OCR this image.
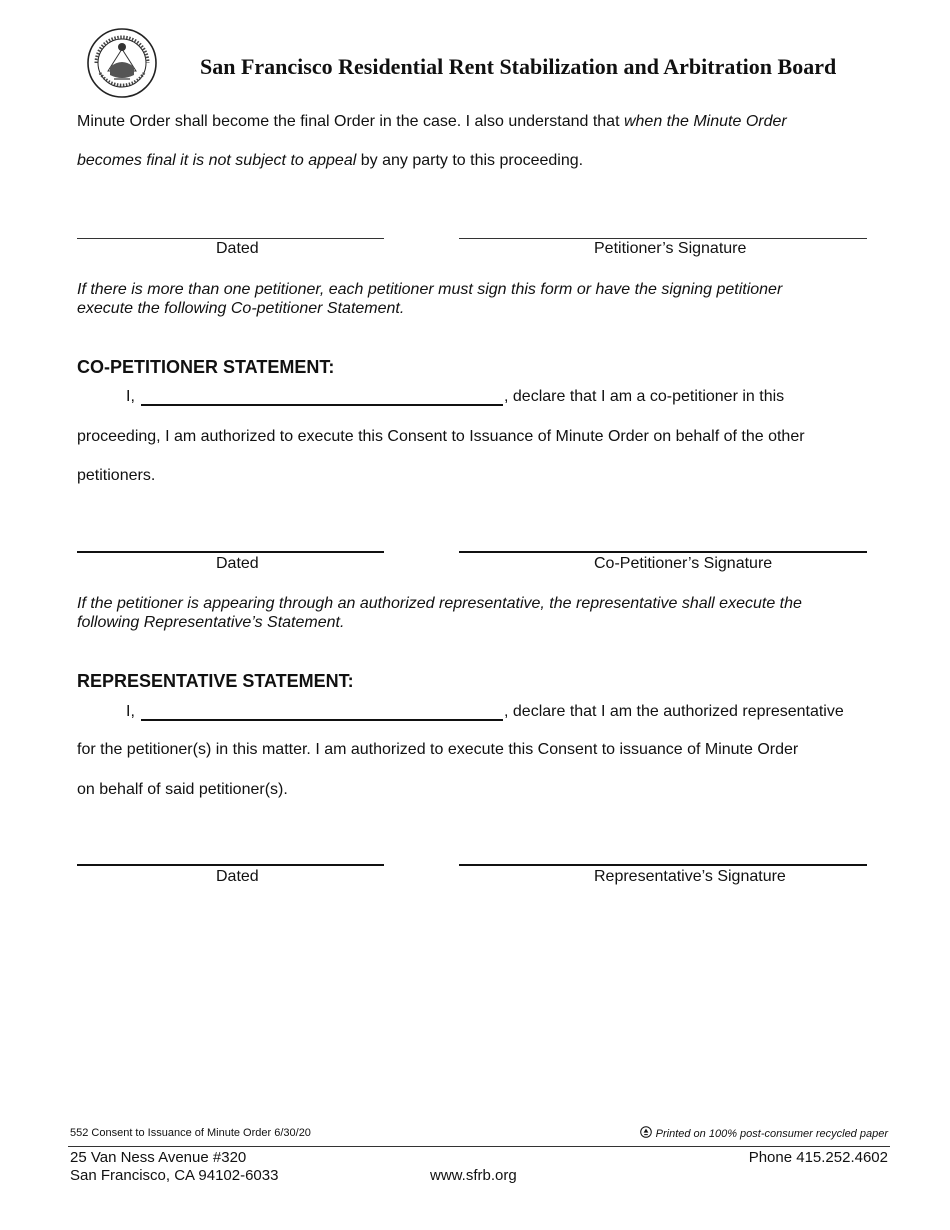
San Francisco Residential Rent Stabilization and Arbitration Board
Minute Order shall become the final Order in the case. I also understand that when the Minute Order
becomes final it is not subject to appeal by any party to this proceeding.
Dated	Petitioner’s Signature
If there is more than one petitioner, each petitioner must sign this form or have the signing petitioner
execute the following Co-petitioner Statement.
CO-PETITIONER STATEMENT:
I,	, declare that I am a co-petitioner in this
proceeding, I am authorized to execute this Consent to Issuance of Minute Order on behalf of the other
petitioners.
Dated	Co-Petitioner’s Signature
If the petitioner is appearing through an authorized representative, the representative shall execute the
following Representative’s Statement.
REPRESENTATIVE STATEMENT:
I,	, declare that I am the authorized representative
for the petitioner(s) in this matter. I am authorized to execute this Consent to issuance of Minute Order
on behalf of said petitioner(s).
Dated	Representative’s Signature
552 Consent to Issuance of Minute Order 6/30/20	Printed on 100% post-consumer recycled paper
25 Van Ness Avenue #320
San Francisco, CA 94102-6033	www.sfrb.org
Phone 415.252.4602
